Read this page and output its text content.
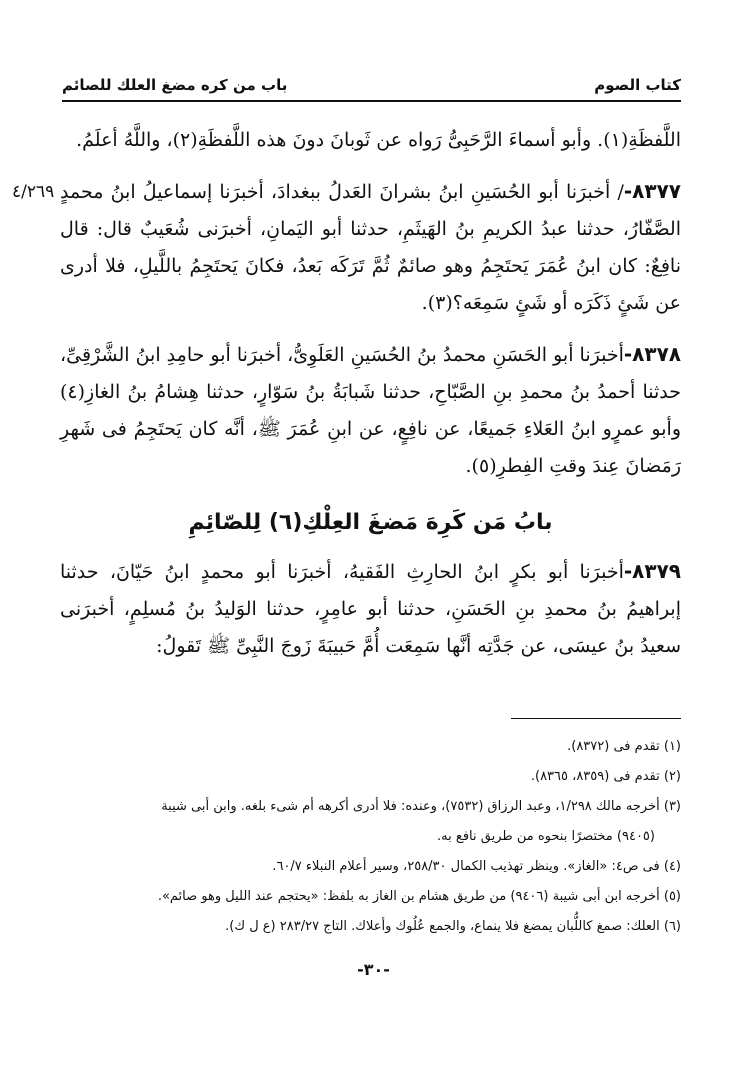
كتاب الصوم
باب من كره مضغ العلك للصائم
٤/٢٦٩

اللَّفظَةِ(١). وأبو أسماءَ الرَّحَبِىُّ رَواه عن ثَوبانَ دونَ هذه اللَّفظَةِ(٢)، واللَّهُ أعلَمُ.

٨٣٧٧-/ أخبرَنا أبو الحُسَينِ ابنُ بشرانَ العَدلُ ببغدادَ، أخبرَنا إسماعيلُ ابنُ محمدٍ الصَّفّارُ، حدثنا عبدُ الكريمِ بنُ الهَيثَمِ، حدثنا أبو اليَمانِ، أخبرَنى شُعَيبٌ قال: قال نافِعٌ: كان ابنُ عُمَرَ يَحتَجِمُ وهو صائمٌ ثُمَّ تَرَكَه بَعدُ، فكانَ يَحتَجِمُ باللَّيلِ، فلا أدرى عن شَئٍ ذَكَرَه أو شَئٍ سَمِعَه؟(٣).

٨٣٧٨-أخبرَنا أبو الحَسَنِ محمدُ بنُ الحُسَينِ العَلَوِىُّ، أخبرَنا أبو حامِدِ ابنُ الشَّرْقِىِّ، حدثنا أحمدُ بنُ محمدِ بنِ الصَّبّاحِ، حدثنا شَبابَةُ بنُ سَوّارٍ، حدثنا هِشامُ بنُ الغازِ(٤) وأبو عمرٍو ابنُ العَلاءِ جَميعًا، عن نافِعٍ، عن ابنِ عُمَرَ ﷺ، أنَّه كان يَحتَجِمُ فى شَهرِ رَمَضانَ عِندَ وقتِ الفِطرِ(٥).

بابُ مَن كَرِهَ مَضغَ العِلْكِ(٦) لِلصّائِمِ

٨٣٧٩-أخبرَنا أبو بكرٍ ابنُ الحارِثِ الفَقيهُ، أخبرَنا أبو محمدٍ ابنُ حَيّانَ، حدثنا إبراهيمُ بنُ محمدِ بنِ الحَسَنِ، حدثنا أبو عامِرٍ، حدثنا الوَليدُ بنُ مُسلِمٍ، أخبرَنى سعيدُ بنُ عيسَى، عن جَدَّتِه أنَّها سَمِعَت أُمَّ حَبيبَةَ زَوجَ النَّبِىِّ ﷺ تَقولُ:

(١) تقدم فى (٨٣٧٢).
(٢) تقدم فى (٨٣٥٩، ٨٣٦٥).
(٣) أخرجه مالك ١/٢٩٨، وعبد الرزاق (٧٥٣٢)، وعنده: فلا أدرى أكرهه أم شىء بلغه. وابن أبى شيبة
(٩٤٠٥) مختصرًا بنحوه من طريق نافع به.
(٤) فى ص٤: «الغاز». وينظر تهذيب الكمال ٢٥٨/٣٠، وسير أعلام النبلاء ٦٠/٧.
(٥) أخرجه ابن أبى شيبة (٩٤٠٦) من طريق هشام بن الغاز به بلفظ: «يحتجم عند الليل وهو صائم».
(٦) العلك: صمغ كاللُّبان يمضغ فلا ينماع، والجمع عُلُوك وأعلاك. التاج ٢٨٣/٢٧ (ع ل ك).
-٣٠-
